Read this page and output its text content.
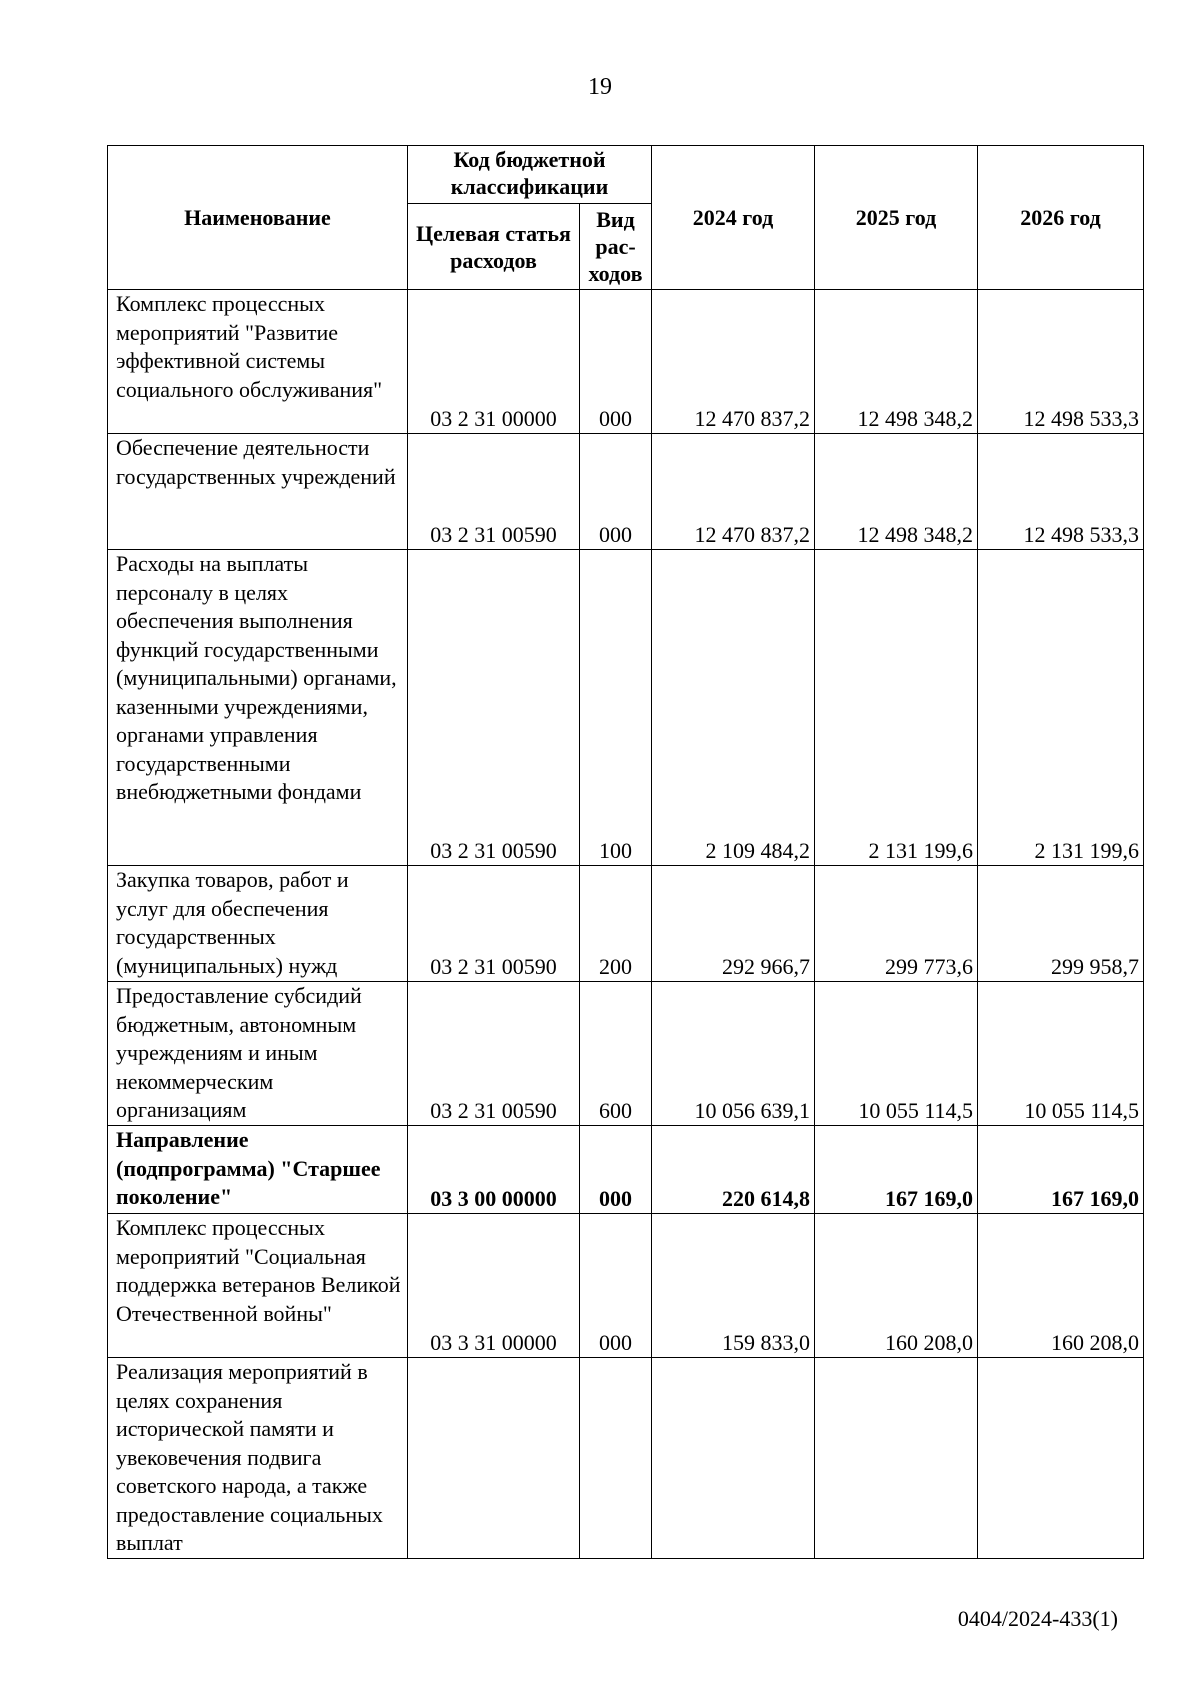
19
Наименование	Код бюджетной классификации		2024 год	2025 год	2026 год
	Целевая статья расходов	Вид рас-ходов			
Комплекс процессных мероприятий "Развитие эффективной системы социального обслуживания"	03 2 31 00000	000	12 470 837,2	12 498 348,2	12 498 533,3
Обеспечение деятельности государственных учреждений	03 2 31 00590	000	12 470 837,2	12 498 348,2	12 498 533,3
Расходы на выплаты персоналу в целях обеспечения выполнения функций государственными (муниципальными) органами, казенными учреждениями, органами управления государственными внебюджетными фондами	03 2 31 00590	100	2 109 484,2	2 131 199,6	2 131 199,6
Закупка товаров, работ и услуг для обеспечения государственных (муниципальных) нужд	03 2 31 00590	200	292 966,7	299 773,6	299 958,7
Предоставление субсидий бюджетным, автономным учреждениям и иным некоммерческим организациям	03 2 31 00590	600	10 056 639,1	10 055 114,5	10 055 114,5
Направление (подпрограмма) "Старшее поколение"	03 3 00 00000	000	220 614,8	167 169,0	167 169,0
Комплекс процессных мероприятий "Социальная поддержка ветеранов Великой Отечественной войны"	03 3 31 00000	000	159 833,0	160 208,0	160 208,0
Реализация мероприятий в целях сохранения исторической памяти и увековечения подвига советского народа, а также предоставление социальных выплат					
0404/2024-433(1)
